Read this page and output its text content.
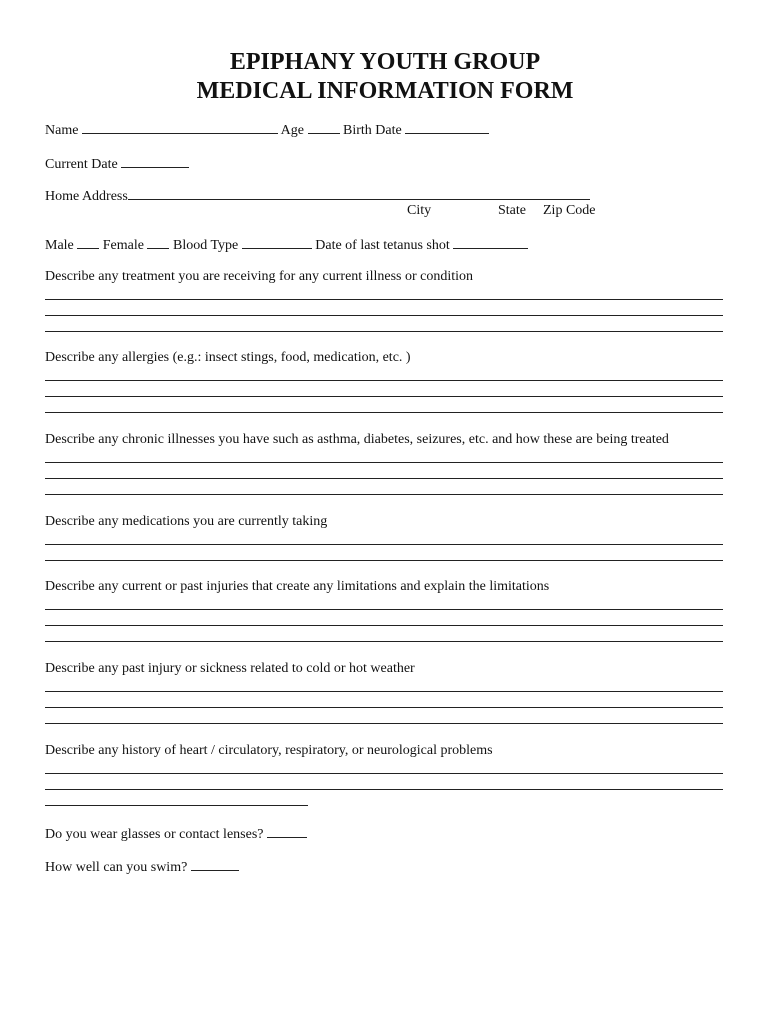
EPIPHANY YOUTH GROUP
MEDICAL INFORMATION FORM
Name	Age	Birth Date
Current Date
Home Address
City	State Zip Code
Male Female Blood Type	Date of last tetanus shot
Describe any treatment you are receiving for any current illness or condition
Describe any allergies (e.g.: insect stings, food, medication, etc. )
Describe any chronic illnesses you have such as asthma, diabetes, seizures, etc. and how these are being treated
Describe any medications you are currently taking
Describe any current or past injuries that create any limitations and explain the limitations
Describe any past injury or sickness related to cold or hot weather
Describe any history of heart / circulatory, respiratory, or neurological problems
Do you wear glasses or contact lenses?
How well can you swim?
